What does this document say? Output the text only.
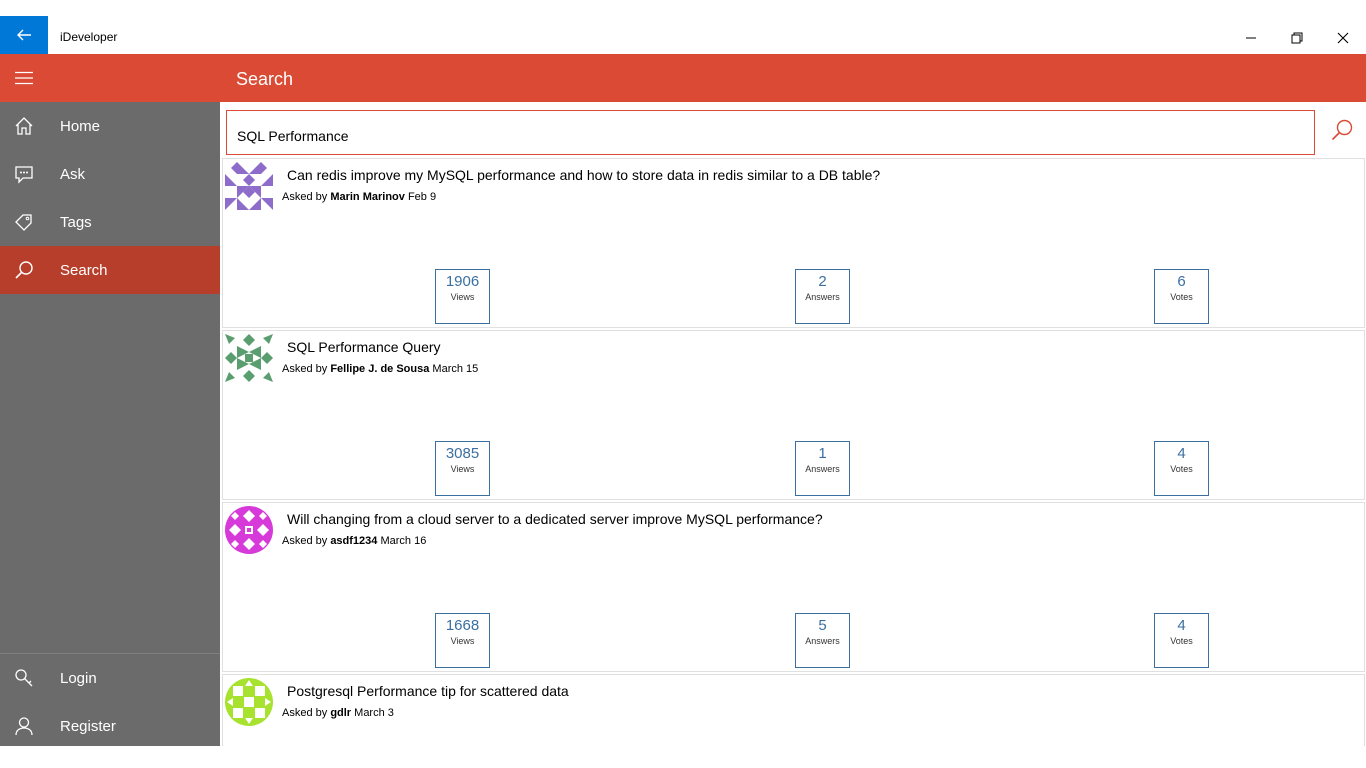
iDeveloper
Search
Home
Ask
Tags
Search
Login
Register
SQL Performance
Can redis improve my MySQL performance and how to store data in redis similar to a DB table?
Asked by Marin Marinov Feb 9
1906
Views
2
Answers
6
Votes
SQL Performance Query
Asked by Fellipe J. de Sousa March 15
3085
Views
1
Answers
4
Votes
Will changing from a cloud server to a dedicated server improve MySQL performance?
Asked by asdf1234 March 16
1668
Views
5
Answers
4
Votes
Postgresql Performance tip for scattered data
Asked by gdlr March 3
